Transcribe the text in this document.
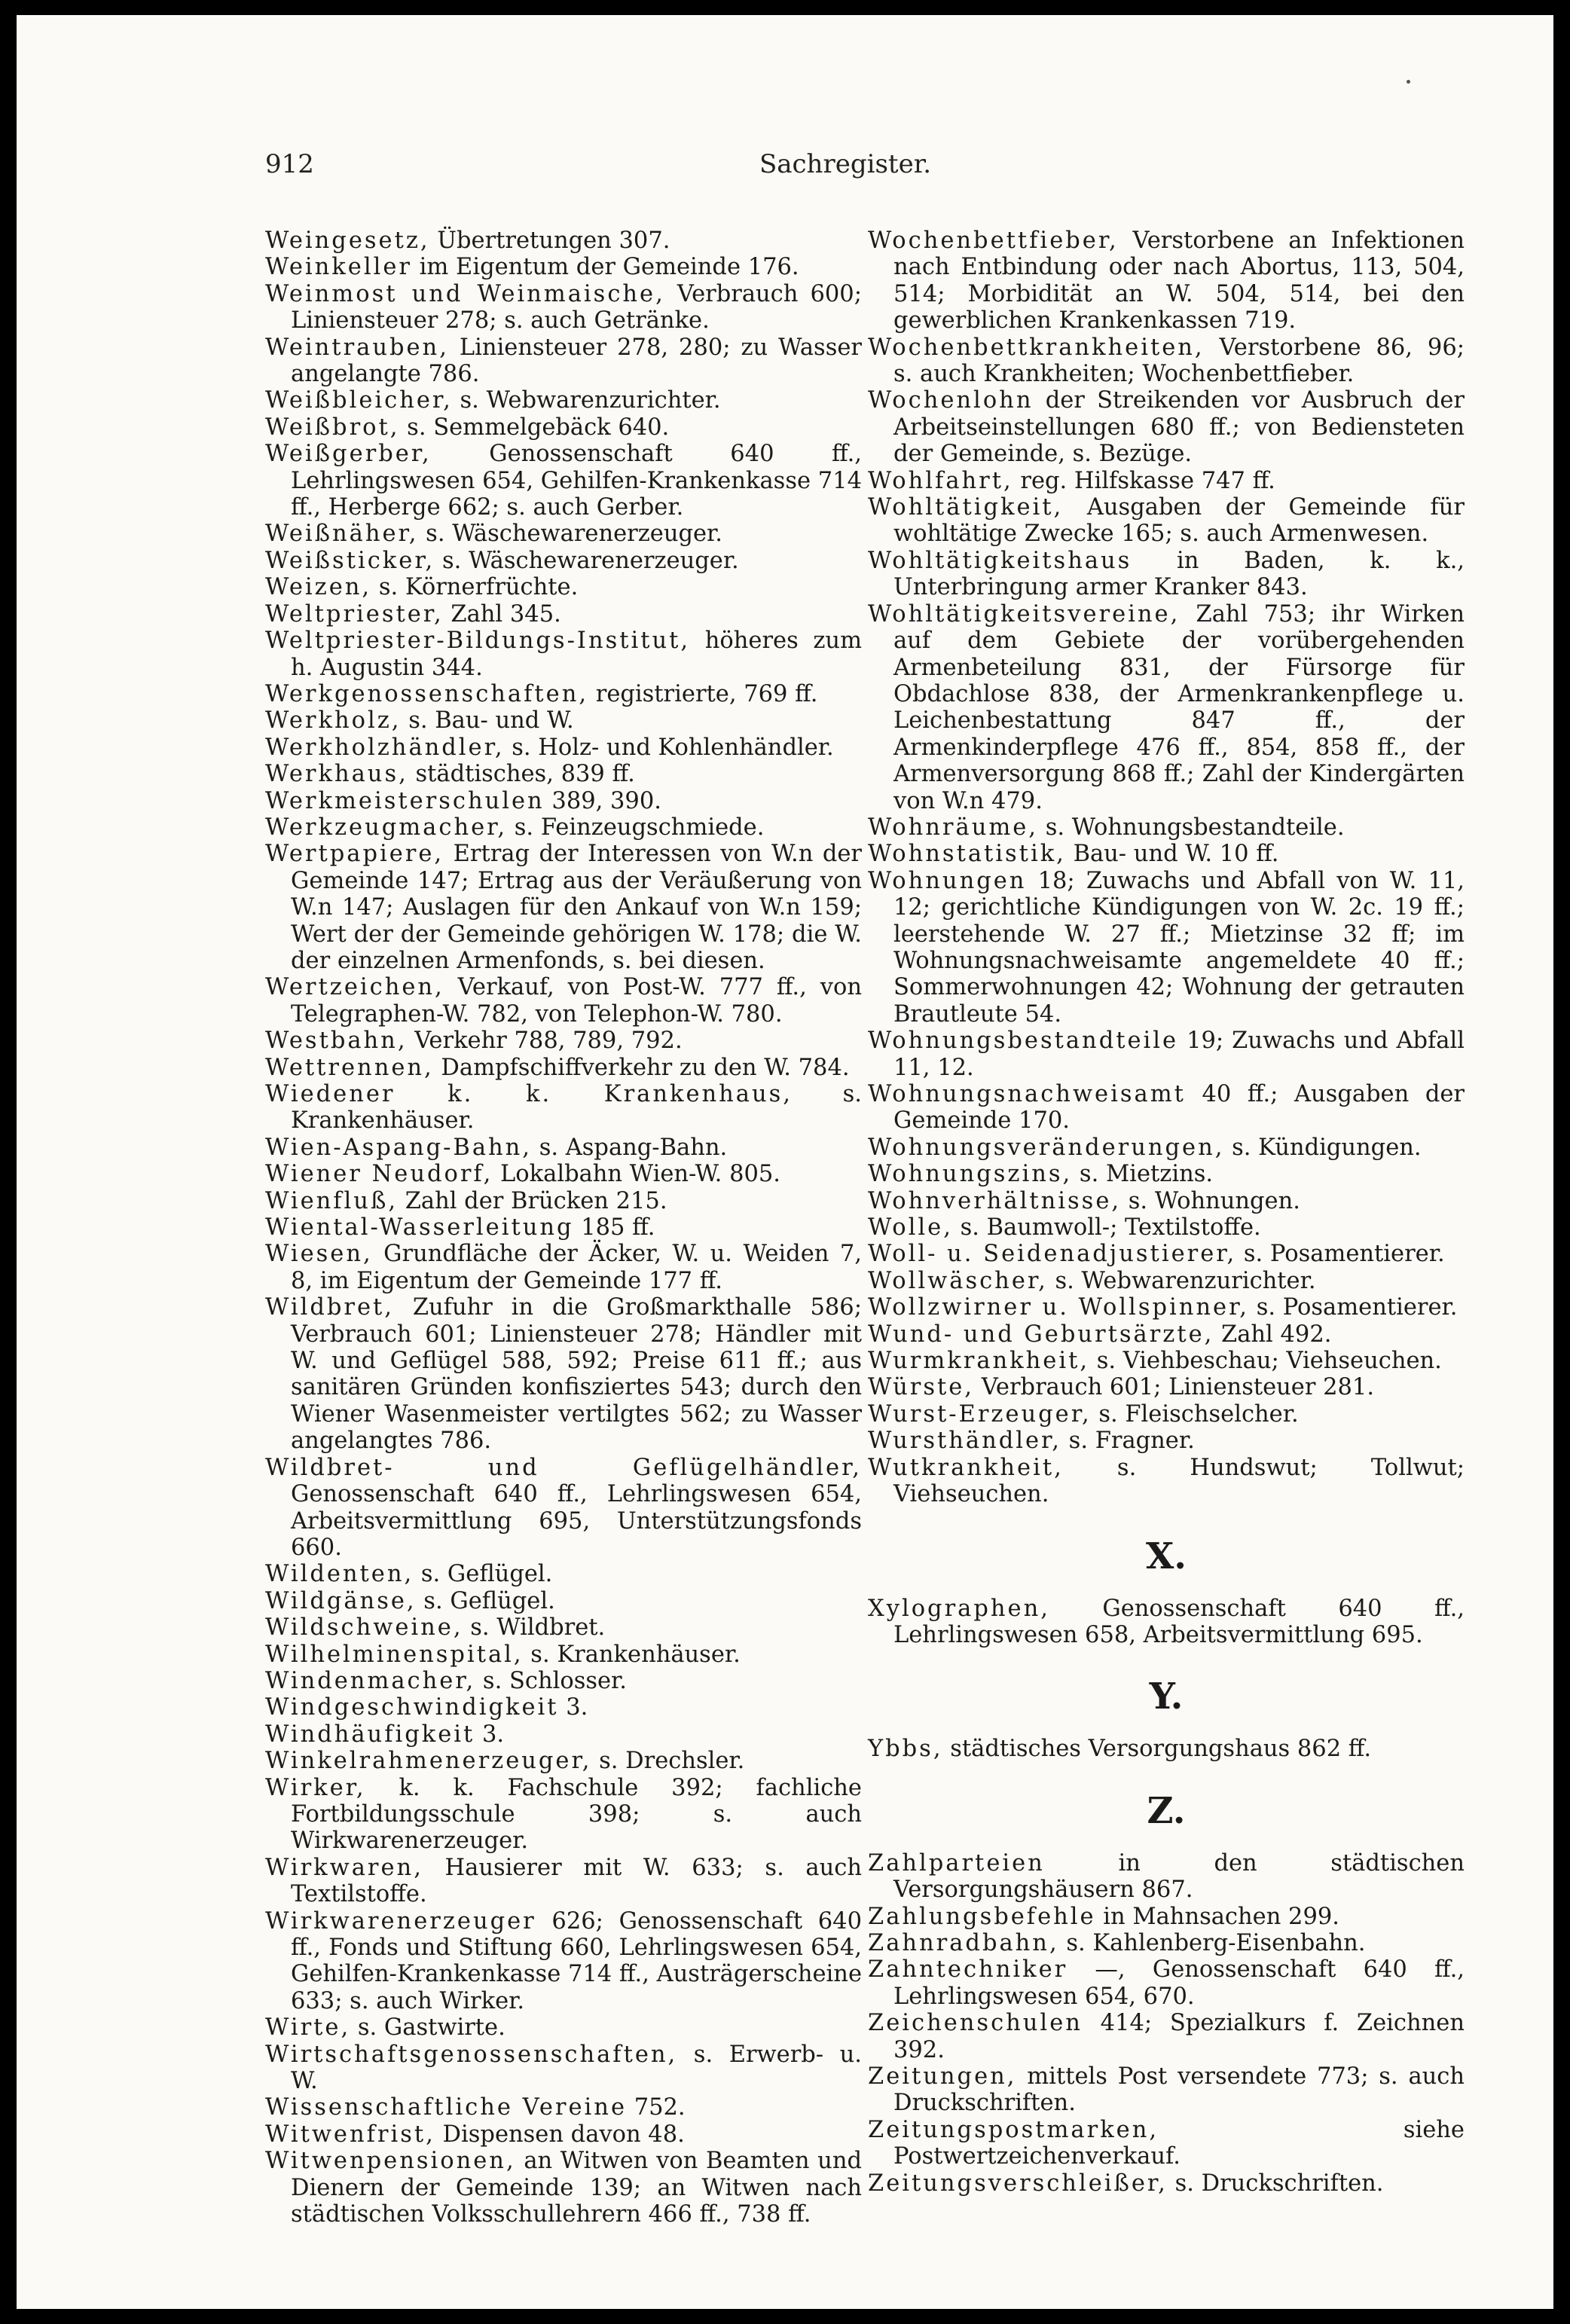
912	Sachregister.
Weingesetz, Übertretungen 307.
Weinkeller im Eigentum der Gemeinde 176.
Weinmost und Weinmaische, Verbrauch 600; Liniensteuer 278; s. auch Getränke.
Weintrauben, Liniensteuer 278, 280; zu Wasser angelangte 786.
Weißbleicher, s. Webwarenzurichter.
Weißbrot, s. Semmelgebäck 640.
Weißgerber, Genossenschaft 640 ff., Lehrlingswesen 654, Gehilfen-Krankenkasse 714 ff., Herberge 662; s. auch Gerber.
Weißnäher, s. Wäschewarenerzeuger.
Weißsticker, s. Wäschewarenerzeuger.
Weizen, s. Körnerfrüchte.
Weltpriester, Zahl 345.
Weltpriester-Bildungs-Institut, höheres zum h. Augustin 344.
Werkgenossenschaften, registrierte, 769 ff.
Werkholz, s. Bau- und W.
Werkholzhändler, s. Holz- und Kohlenhändler.
Werkhaus, städtisches, 839 ff.
Werkmeisterschulen 389, 390.
Werkzeugmacher, s. Feinzeugschmiede.
Wertpapiere, Ertrag der Interessen von W.n der Gemeinde 147; Ertrag aus der Veräußerung von W.n 147; Auslagen für den Ankauf von W.n 159; Wert der der Gemeinde gehörigen W. 178; die W. der einzelnen Armenfonds, s. bei diesen.
Wertzeichen, Verkauf, von Post-W. 777 ff., von Telegraphen-W. 782, von Telephon-W. 780.
Westbahn, Verkehr 788, 789, 792.
Wettrennen, Dampfschiffverkehr zu den W. 784.
Wiedener k. k. Krankenhaus, s. Krankenhäuser.
Wien-Aspang-Bahn, s. Aspang-Bahn.
Wiener Neudorf, Lokalbahn Wien-W. 805.
Wienfluß, Zahl der Brücken 215.
Wiental-Wasserleitung 185 ff.
Wiesen, Grundfläche der Äcker, W. u. Weiden 7, 8, im Eigentum der Gemeinde 177 ff.
Wildbret, Zufuhr in die Großmarkthalle 586; Verbrauch 601; Liniensteuer 278; Händler mit W. und Geflügel 588, 592; Preise 611 ff.; aus sanitären Gründen konfisziertes 543; durch den Wiener Wasenmeister vertilgtes 562; zu Wasser angelangtes 786.
Wildbret- und Geflügelhändler, Genossenschaft 640 ff., Lehrlingswesen 654, Arbeitsvermittlung 695, Unterstützungsfonds 660.
Wildenten, s. Geflügel.
Wildgänse, s. Geflügel.
Wildschweine, s. Wildbret.
Wilhelminenspital, s. Krankenhäuser.
Windenmacher, s. Schlosser.
Windgeschwindigkeit 3.
Windhäufigkeit 3.
Winkelrahmenerzeuger, s. Drechsler.
Wirker, k. k. Fachschule 392; fachliche Fortbildungsschule 398; s. auch Wirkwarenerzeuger.
Wirkwaren, Hausierer mit W. 633; s. auch Textilstoffe.
Wirkwarenerzeuger 626; Genossenschaft 640 ff., Fonds und Stiftung 660, Lehrlingswesen 654, Gehilfen-Krankenkasse 714 ff., Austrägerscheine 633; s. auch Wirker.
Wirte, s. Gastwirte.
Wirtschaftsgenossenschaften, s. Erwerb- u. W.
Wissenschaftliche Vereine 752.
Witwenfrist, Dispensen davon 48.
Witwenpensionen, an Witwen von Beamten und Dienern der Gemeinde 139; an Witwen nach städtischen Volksschullehrern 466 ff., 738 ff.
Wochenbettfieber, Verstorbene an Infektionen nach Entbindung oder nach Abortus, 113, 504, 514; Morbidität an W. 504, 514, bei den gewerblichen Krankenkassen 719.
Wochenbettkrankheiten, Verstorbene 86, 96; s. auch Krankheiten; Wochenbettfieber.
Wochenlohn der Streikenden vor Ausbruch der Arbeitseinstellungen 680 ff.; von Bediensteten der Gemeinde, s. Bezüge.
Wohlfahrt, reg. Hilfskasse 747 ff.
Wohltätigkeit, Ausgaben der Gemeinde für wohltätige Zwecke 165; s. auch Armenwesen.
Wohltätigkeitshaus in Baden, k. k., Unterbringung armer Kranker 843.
Wohltätigkeitsvereine, Zahl 753; ihr Wirken auf dem Gebiete der vorübergehenden Armenbeteilung 831, der Fürsorge für Obdachlose 838, der Armenkrankenpflege u. Leichenbestattung 847 ff., der Armenkinderpflege 476 ff., 854, 858 ff., der Armenversorgung 868 ff.; Zahl der Kindergärten von W.n 479.
Wohnräume, s. Wohnungsbestandteile.
Wohnstatistik, Bau- und W. 10 ff.
Wohnungen 18; Zuwachs und Abfall von W. 11, 12; gerichtliche Kündigungen von W. 2c. 19 ff.; leerstehende W. 27 ff.; Mietzinse 32 ff; im Wohnungsnachweisamte angemeldete 40 ff.; Sommerwohnungen 42; Wohnung der getrauten Brautleute 54.
Wohnungsbestandteile 19; Zuwachs und Abfall 11, 12.
Wohnungsnachweisamt 40 ff.; Ausgaben der Gemeinde 170.
Wohnungsveränderungen, s. Kündigungen.
Wohnungszins, s. Mietzins.
Wohnverhältnisse, s. Wohnungen.
Wolle, s. Baumwoll-; Textilstoffe.
Woll- u. Seidenadjustierer, s. Posamentierer.
Wollwäscher, s. Webwarenzurichter.
Wollzwirner u. Wollspinner, s. Posamentierer.
Wund- und Geburtsärzte, Zahl 492.
Wurmkrankheit, s. Viehbeschau; Viehseuchen.
Würste, Verbrauch 601; Liniensteuer 281.
Wurst-Erzeuger, s. Fleischselcher.
Wursthändler, s. Fragner.
Wutkrankheit, s. Hundswut; Tollwut; Viehseuchen.
X.
Xylographen, Genossenschaft 640 ff., Lehrlingswesen 658, Arbeitsvermittlung 695.
Y.
Ybbs, städtisches Versorgungshaus 862 ff.
Z.
Zahlparteien in den städtischen Versorgungshäusern 867.
Zahlungsbefehle in Mahnsachen 299.
Zahnradbahn, s. Kahlenberg-Eisenbahn.
Zahntechniker —, Genossenschaft 640 ff., Lehrlingswesen 654, 670.
Zeichenschulen 414; Spezialkurs f. Zeichnen 392.
Zeitungen, mittels Post versendete 773; s. auch Druckschriften.
Zeitungspostmarken, siehe Postwertzeichenverkauf.
Zeitungsverschleißer, s. Druckschriften.
